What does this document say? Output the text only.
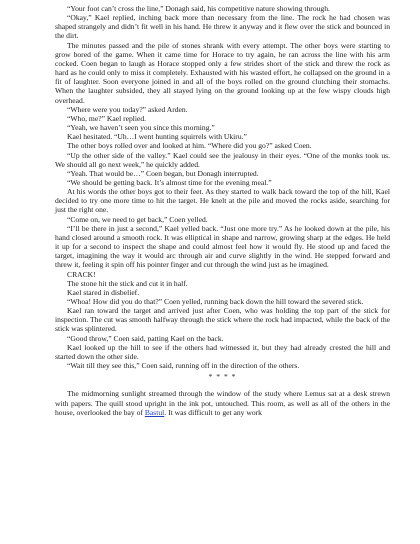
“Your foot can’t cross the line,” Donagh said, his competitive nature showing through.

“Okay,” Kael replied, inching back more than necessary from the line. The rock he had chosen was shaped strangely and didn’t fit well in his hand. He threw it anyway and it flew over the stick and bounced in the dirt.

The minutes passed and the pile of stones shrank with every attempt. The other boys were starting to grow bored of the game. When it came time for Horace to try again, he ran across the line with his arm cocked. Coen began to laugh as Horace stopped only a few strides short of the stick and threw the rock as hard as he could only to miss it completely. Exhausted with his wasted effort, he collapsed on the ground in a fit of laughter. Soon everyone joined in and all of the boys rolled on the ground clutching their stomachs. When the laughter subsided, they all stayed lying on the ground looking up at the few wispy clouds high overhead.

“Where were you today?” asked Arden.

“Who, me?” Kael replied.

“Yeah, we haven’t seen you since this morning.”

Kael hesitated. “Uh…I went hunting squirrels with Ukiru.”

The other boys rolled over and looked at him. “Where did you go?” asked Coen.

“Up the other side of the valley.” Kael could see the jealousy in their eyes. “One of the monks took us. We should all go next week,” he quickly added.

“Yeah. That would be…” Coen began, but Donagh interrupted.

“We should be getting back. It’s almost time for the evening meal.”

At his words the other boys got to their feet. As they started to walk back toward the top of the hill, Kael decided to try one more time to hit the target. He knelt at the pile and moved the rocks aside, searching for just the right one.

“Come on, we need to get back,” Coen yelled.

“I’ll be there in just a second,” Kael yelled back. “Just one more try.” As he looked down at the pile, his hand closed around a smooth rock. It was elliptical in shape and narrow, growing sharp at the edges. He held it up for a second to inspect the shape and could almost feel how it would fly. He stood up and faced the target, imagining the way it would arc through air and curve slightly in the wind. He stepped forward and threw it, feeling it spin off his pointer finger and cut through the wind just as he imagined.

CRACK!

The stone hit the stick and cut it in half.

Kael stared in disbelief.

“Whoa! How did you do that?” Coen yelled, running back down the hill toward the severed stick.

Kael ran toward the target and arrived just after Coen, who was holding the top part of the stick for inspection. The cut was smooth halfway through the stick where the rock had impacted, while the back of the stick was splintered.

“Good throw,” Coen said, patting Kael on the back.

Kael looked up the hill to see if the others had witnessed it, but they had already crested the hill and started down the other side.

“Wait till they see this,” Coen said, running off in the direction of the others.

* * * *

The midmorning sunlight streamed through the window of the study where Lemus sat at a desk strewn with papers. The quill stood upright in the ink pot, untouched. This room, as well as all of the others in the house, overlooked the bay of Bastul. It was difficult to get any work
